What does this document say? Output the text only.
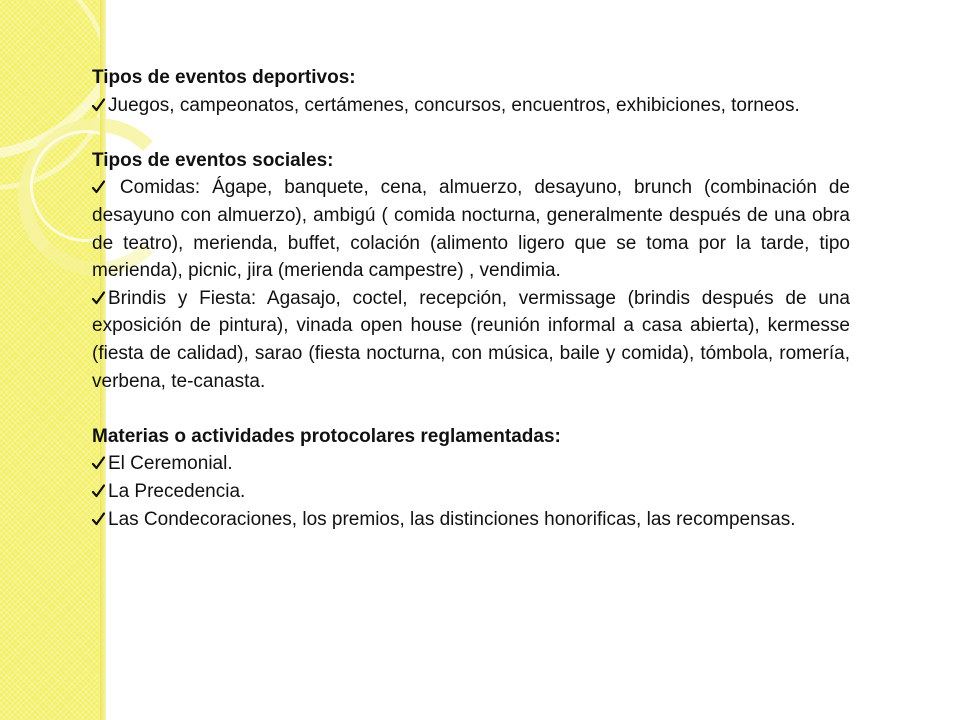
Tipos de eventos deportivos:

Juegos, campeonatos, certámenes, concursos, encuentros, exhibiciones, torneos.

Tipos de eventos sociales:

Comidas: Ágape, banquete, cena, almuerzo, desayuno, brunch (combinación de desayuno con almuerzo), ambigú ( comida nocturna, generalmente después de una obra de teatro), merienda, buffet, colación (alimento ligero que se toma por la tarde, tipo merienda), picnic, jira (merienda campestre) , vendimia.

Brindis y Fiesta: Agasajo, coctel, recepción, vermissage (brindis después de una exposición de pintura), vinada open house (reunión informal a casa abierta), kermesse (fiesta de calidad), sarao (fiesta nocturna, con música, baile y comida), tómbola, romería, verbena, te-canasta.

Materias o actividades protocolares reglamentadas:

El Ceremonial.

La Precedencia.

Las Condecoraciones, los premios, las distinciones honorificas, las recompensas.
